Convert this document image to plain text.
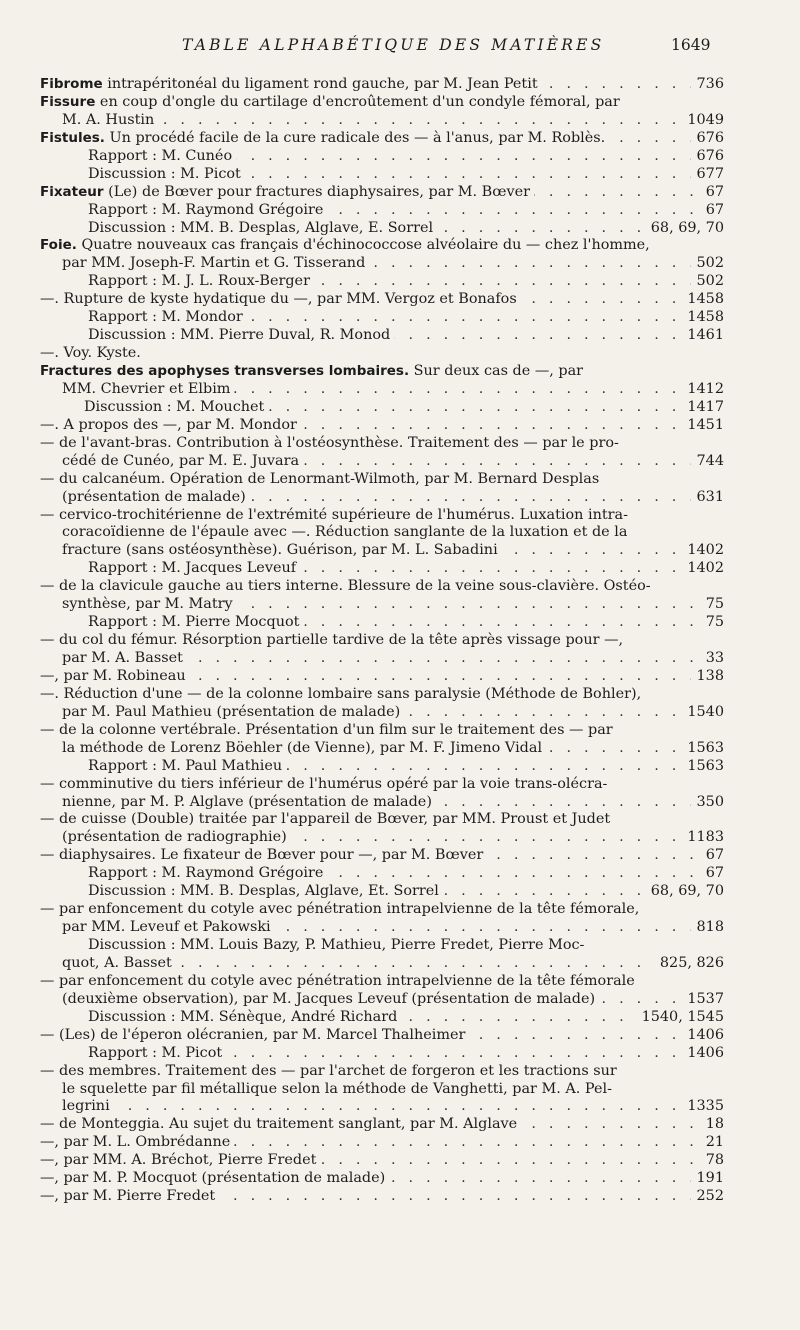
TABLE ALPHABÉTIQUE DES MATIÈRES	1649
. . .
Fibrome intrapéritonéal du ligament rond gauche, par M. Jean Petit	736
Fissure en coup d'ongle du cartilage d'encroûtement d'un condyle fémoral, par
. . .
M. A. Hustin	1049
. . .
Fistules. Un procédé facile de la cure radicale des — à l'anus, par M. Roblès.	676
. . .
Rapport : M. Cunéo	676
. . .
Discussion : M. Picot	677
. . .
Fixateur (Le) de Bœver pour fractures diaphysaires, par M. Bœver	67
. . .
Rapport : M. Raymond Grégoire	67
. . .
Discussion : MM. B. Desplas, Alglave, E. Sorrel	68, 69, 70
Foie. Quatre nouveaux cas français d'échinococcose alvéolaire du — chez l'homme,
. . .
par MM. Joseph-F. Martin et G. Tisserand	502
. . .
Rapport : M. J. L. Roux-Berger	502
. . .
—. Rupture de kyste hydatique du —, par MM. Vergoz et Bonafos	1458
. . .
Rapport : M. Mondor	1458
. . .
Discussion : MM. Pierre Duval, R. Monod	1461
—. Voy. Kyste.
Fractures des apophyses transverses lombaires. Sur deux cas de —, par
. . .
MM. Chevrier et Elbim	1412
. . .
Discussion : M. Mouchet	1417
. . .
—. A propos des —, par M. Mondor	1451
— de l'avant-bras. Contribution à l'ostéosynthèse. Traitement des — par le pro-
. . .
cédé de Cunéo, par M. E. Juvara	744
— du calcanéum. Opération de Lenormant-Wilmoth, par M. Bernard Desplas
. . .
(présentation de malade)	631
— cervico-trochitérienne de l'extrémité supérieure de l'humérus. Luxation intra-
coracoïdienne de l'épaule avec —. Réduction sanglante de la luxation et de la
. . .
fracture (sans ostéosynthèse). Guérison, par M. L. Sabadini	1402
. . .
Rapport : M. Jacques Leveuf	1402
— de la clavicule gauche au tiers interne. Blessure de la veine sous-clavière. Ostéo-
. . .
synthèse, par M. Matry	75
. . .
Rapport : M. Pierre Mocquot	75
— du col du fémur. Résorption partielle tardive de la tête après vissage pour —,
. . .
par M. A. Basset	33
. . .
—, par M. Robineau	138
—. Réduction d'une — de la colonne lombaire sans paralysie (Méthode de Bohler),
. . .
par M. Paul Mathieu (présentation de malade)	1540
— de la colonne vertébrale. Présentation d'un film sur le traitement des — par
. . .
la méthode de Lorenz Böehler (de Vienne), par M. F. Jimeno Vidal	1563
. . .
Rapport : M. Paul Mathieu	1563
— comminutive du tiers inférieur de l'humérus opéré par la voie trans-olécra-
. . .
nienne, par M. P. Alglave (présentation de malade)	350
— de cuisse (Double) traitée par l'appareil de Bœver, par MM. Proust et Judet
. . .
(présentation de radiographie)	1183
. . .
— diaphysaires. Le fixateur de Bœver pour —, par M. Bœver	67
. . .
Rapport : M. Raymond Grégoire	67
. . .
Discussion : MM. B. Desplas, Alglave, Et. Sorrel	68, 69, 70
— par enfoncement du cotyle avec pénétration intrapelvienne de la tête fémorale,
. . .
par MM. Leveuf et Pakowski	818
Discussion : MM. Louis Bazy, P. Mathieu, Pierre Fredet, Pierre Moc-
. . .
quot, A. Basset	825, 826
— par enfoncement du cotyle avec pénétration intrapelvienne de la tête fémorale
. . .
(deuxième observation), par M. Jacques Leveuf (présentation de malade)	1537
. . .
Discussion : MM. Sénèque, André Richard	1540, 1545
. . .
— (Les) de l'éperon olécranien, par M. Marcel Thalheimer	1406
. . .
Rapport : M. Picot	1406
— des membres. Traitement des — par l'archet de forgeron et les tractions sur
le squelette par fil métallique selon la méthode de Vanghetti, par M. A. Pel-
. . .
legrini	1335
. . .
— de Monteggia. Au sujet du traitement sanglant, par M. Alglave	18
. . .
—, par M. L. Ombrédanne	21
. . .
—, par MM. A. Bréchot, Pierre Fredet	78
. . .
—, par M. P. Mocquot (présentation de malade)	191
. . .
—, par M. Pierre Fredet	252
